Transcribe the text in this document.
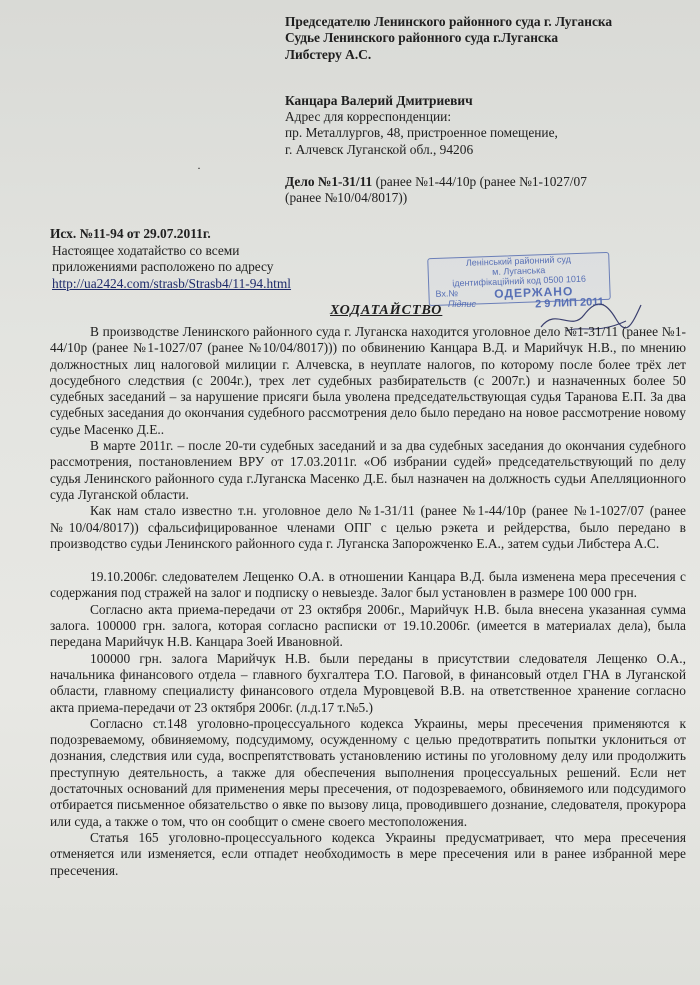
Председателю Ленинского районного суда г. Луганска
Судье Ленинского районного суда г.Луганска
Либстеру А.С.
Канцара Валерий Дмитриевич
Адрес для корреспонденции:
пр. Металлургов, 48, пристроенное помещение,
г. Алчевск Луганской обл., 94206
Дело №1-31/11 (ранее №1-44/10р (ранее №1-1027/07
(ранее №10/04/8017))
·
Исх. №11-94 от 29.07.2011г.
Настоящее ходатайство со всеми
приложениями расположено по адресу
http://ua2424.com/strasb/Strasb4/11-94.html
Ленінський районний суд
м. Луганська
ідентифікаційний код 0500 1016
Вх.№	ОДЕРЖАНО
2 9 ЛИП 2011
Підпис
ХОДАТАЙСТВО

В производстве Ленинского районного суда г. Луганска находится уголовное дело №1-31/11 (ранее №1-44/10р (ранее №1-1027/07 (ранее №10/04/8017))) по обвинению Канцара В.Д. и Марийчук Н.В., по мнению должностных лиц налоговой милиции г. Алчевска, в неуплате налогов, по которому после более трёх лет досудебного следствия (с 2004г.), трех лет судебных разбирательств (с 2007г.) и назначенных более 50 судебных заседаний – за нарушение присяги была уволена председательствующая судья Таранова Е.П. За два судебных заседания до окончания судебного рассмотрения дело было передано на новое рассмотрение новому судье Масенко Д.Е..

В марте 2011г. – после 20-ти судебных заседаний и за два судебных заседания до окончания судебного рассмотрения, постановлением ВРУ от 17.03.2011г. «Об избрании судей» председательствующий по делу судья Ленинского районного суда г.Луганска Масенко Д.Е. был назначен на должность судьи Апелляционного суда Луганской области.

Как нам стало известно т.н. уголовное дело №1-31/11 (ранее №1-44/10р (ранее №1-1027/07 (ранее №10/04/8017)) сфальсифицированное членами ОПГ с целью рэкета и рейдерства, было передано в производство судьи Ленинского районного суда г. Луганска Запорожченко Е.А., затем судьи Либстера А.С.

19.10.2006г. следователем Лещенко О.А. в отношении Канцара В.Д. была изменена мера пресечения с содержания под стражей на залог и подписку о невыезде. Залог был установлен в размере 100 000 грн.

Согласно акта приема-передачи от 23 октября 2006г., Марийчук Н.В. была внесена указанная сумма залога. 100000 грн. залога, которая согласно расписки от 19.10.2006г. (имеется в материалах дела), была передана Марийчук Н.В. Канцара Зоей Ивановной.

100000 грн. залога Марийчук Н.В. были переданы в присутствии следователя Лещенко О.А., начальника финансового отдела – главного бухгалтера Т.О. Паговой, в финансовый отдел ГНА в Луганской области, главному специалисту финансового отдела Муровцевой В.В. на ответственное хранение согласно акта приема-передачи от 23 октября 2006г. (л.д.17 т.№5.)

Согласно ст.148 уголовно-процессуального кодекса Украины, меры пресечения применяются к подозреваемому, обвиняемому, подсудимому, осужденному с целью предотвратить попытки уклониться от дознания, следствия или суда, воспрепятствовать установлению истины по уголовному делу или продолжить преступную деятельность, а также для обеспечения выполнения процессуальных решений. Если нет достаточных оснований для применения меры пресечения, от подозреваемого, обвиняемого или подсудимого отбирается письменное обязательство о явке по вызову лица, проводившего дознание, следователя, прокурора или суда, а также о том, что он сообщит о смене своего местоположения.

Статья 165 уголовно-процессуального кодекса Украины предусматривает, что мера пресечения отменяется или изменяется, если отпадет необходимость в мере пресечения или в ранее избранной мере пресечения.
